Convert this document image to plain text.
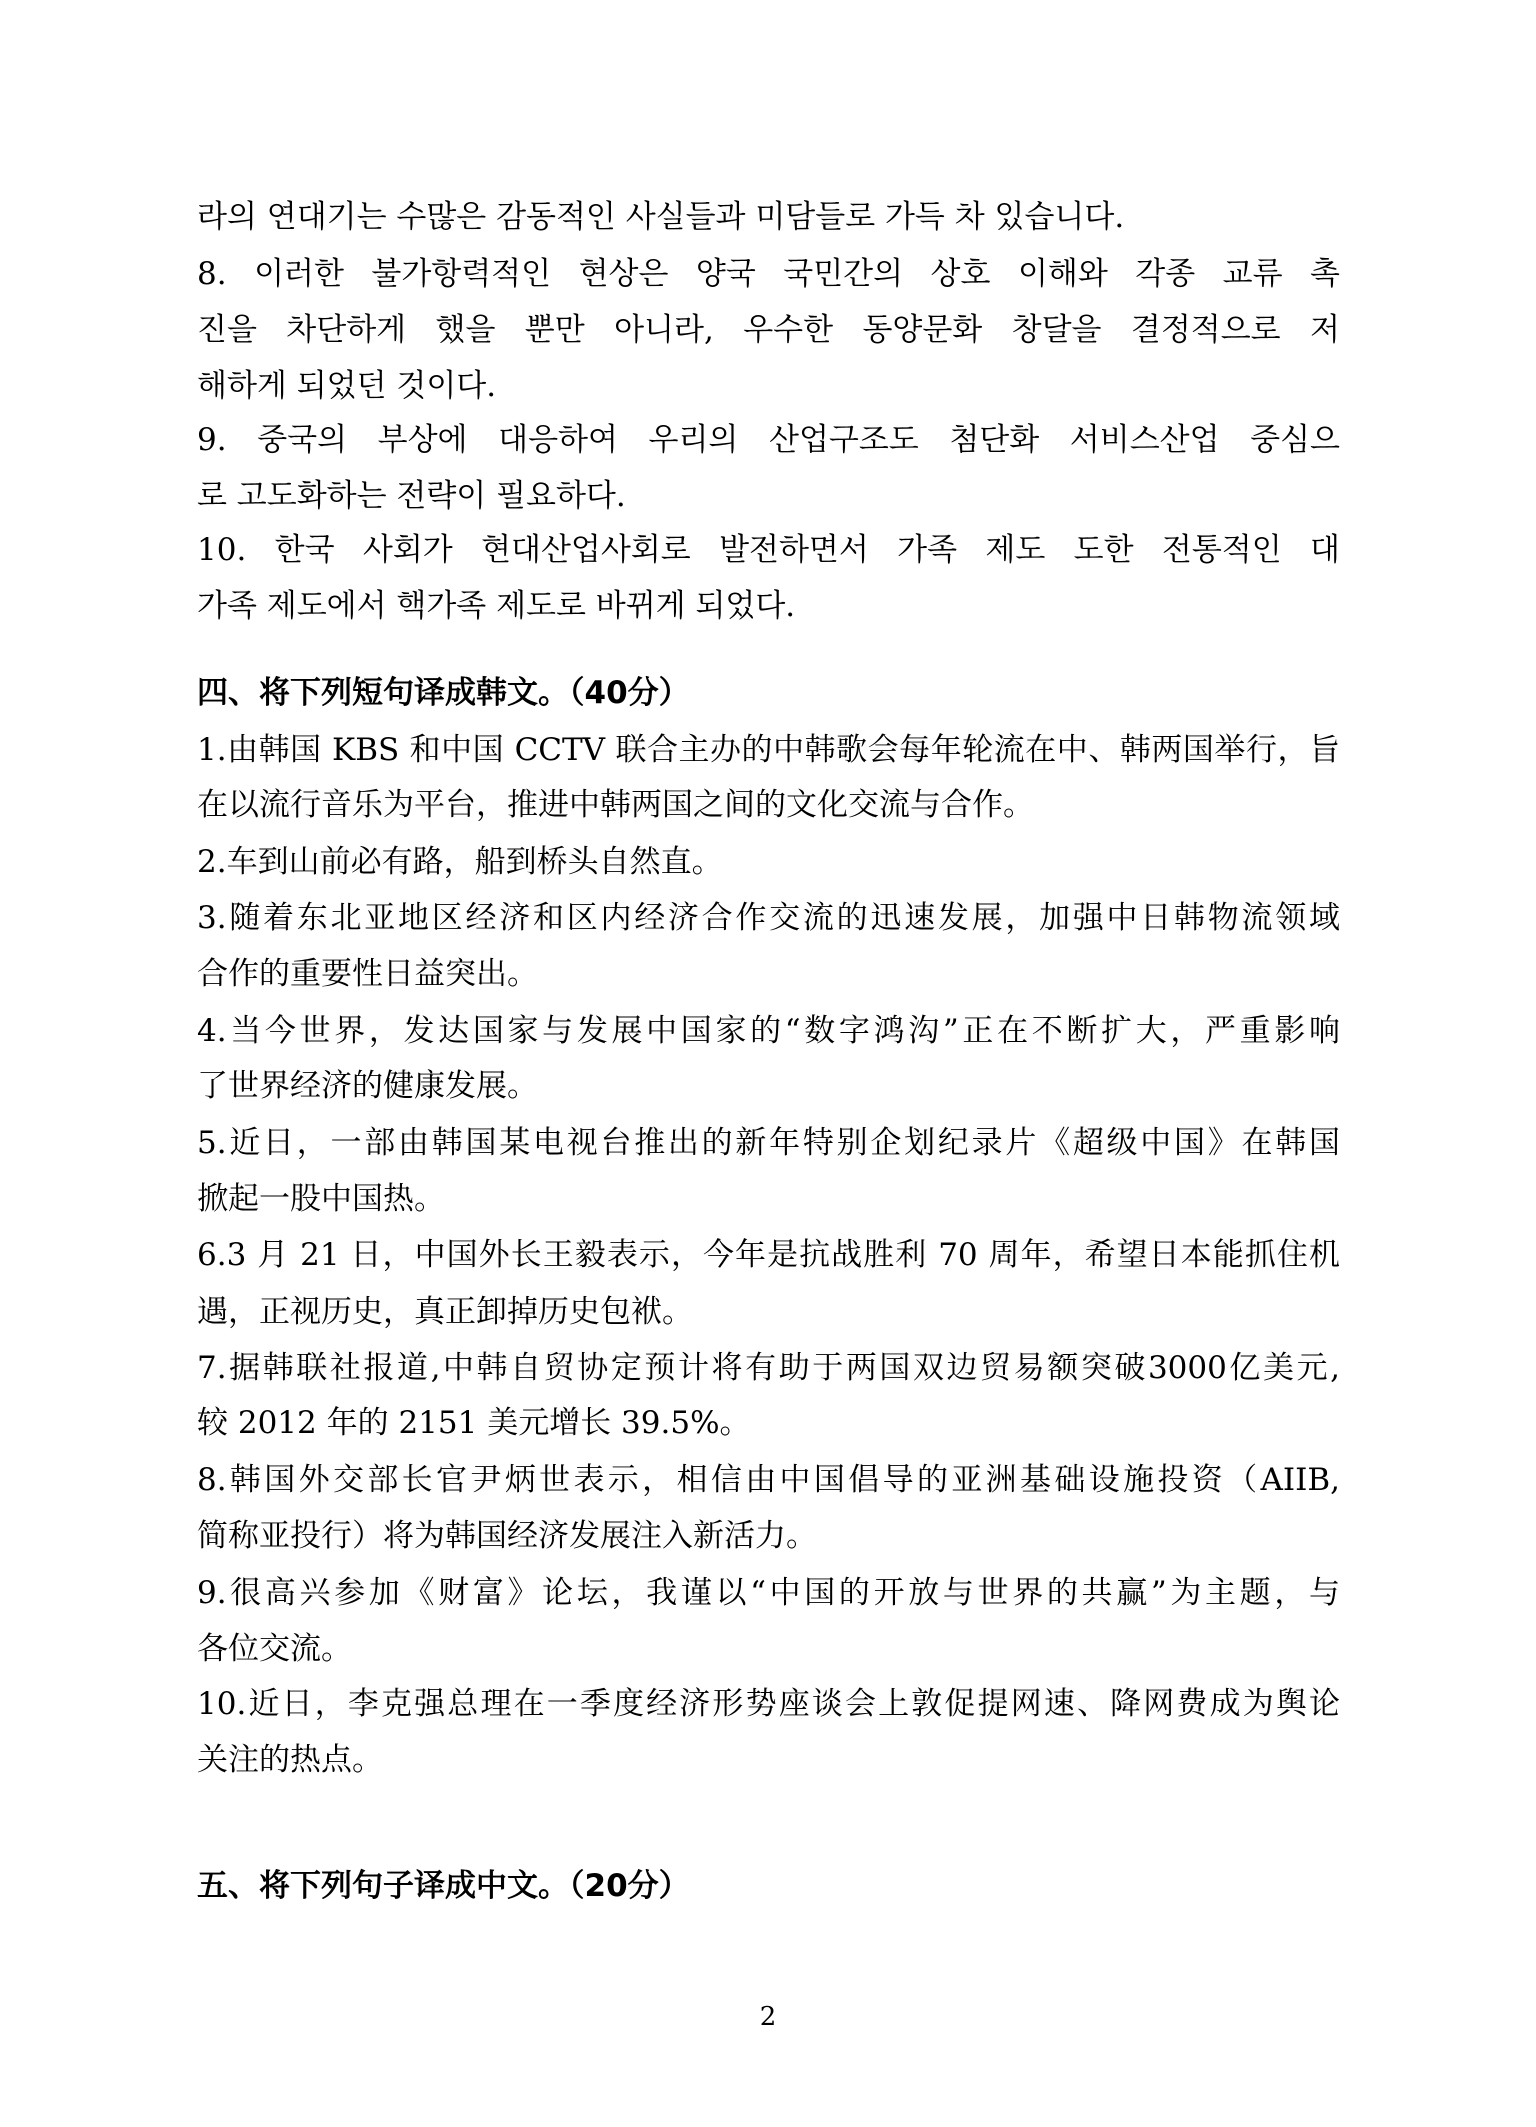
라의 연대기는 수많은 감동적인 사실들과 미담들로 가득 차 있습니다.
8. 이러한 불가항력적인 현상은 양국 국민간의 상호 이해와 각종 교류 촉
진을 차단하게 했을 뿐만 아니라, 우수한 동양문화 창달을 결정적으로 저
해하게 되었던 것이다.
9. 중국의 부상에 대응하여 우리의 산업구조도 첨단화 서비스산업 중심으
로 고도화하는 전략이 필요하다.
10. 한국 사회가 현대산업사회로 발전하면서 가족 제도 도한 전통적인 대
가족 제도에서 핵가족 제도로 바뀌게 되었다.
四、将下列短句译成韩文。（40分）
1.由韩国 KBS 和中国 CCTV 联合主办的中韩歌会每年轮流在中、韩两国举行，旨
在以流行音乐为平台，推进中韩两国之间的文化交流与合作。
2.车到山前必有路，船到桥头自然直。
3.随着东北亚地区经济和区内经济合作交流的迅速发展，加强中日韩物流领域
合作的重要性日益突出。
4.当今世界，发达国家与发展中国家的“数字鸿沟”正在不断扩大，严重影响
了世界经济的健康发展。
5.近日，一部由韩国某电视台推出的新年特别企划纪录片《超级中国》在韩国
掀起一股中国热。
6.3 月 21 日，中国外长王毅表示，今年是抗战胜利 70 周年，希望日本能抓住机
遇，正视历史，真正卸掉历史包袱。
7.据韩联社报道,中韩自贸协定预计将有助于两国双边贸易额突破3000亿美元,
较 2012 年的 2151 美元增长 39.5%。
8.韩国外交部长官尹炳世表示，相信由中国倡导的亚洲基础设施投资（AIIB,
简称亚投行）将为韩国经济发展注入新活力。
9.很高兴参加《财富》论坛，我谨以“中国的开放与世界的共赢”为主题，与
各位交流。
10.近日，李克强总理在一季度经济形势座谈会上敦促提网速、降网费成为舆论
关注的热点。
五、将下列句子译成中文。（20分）
2
